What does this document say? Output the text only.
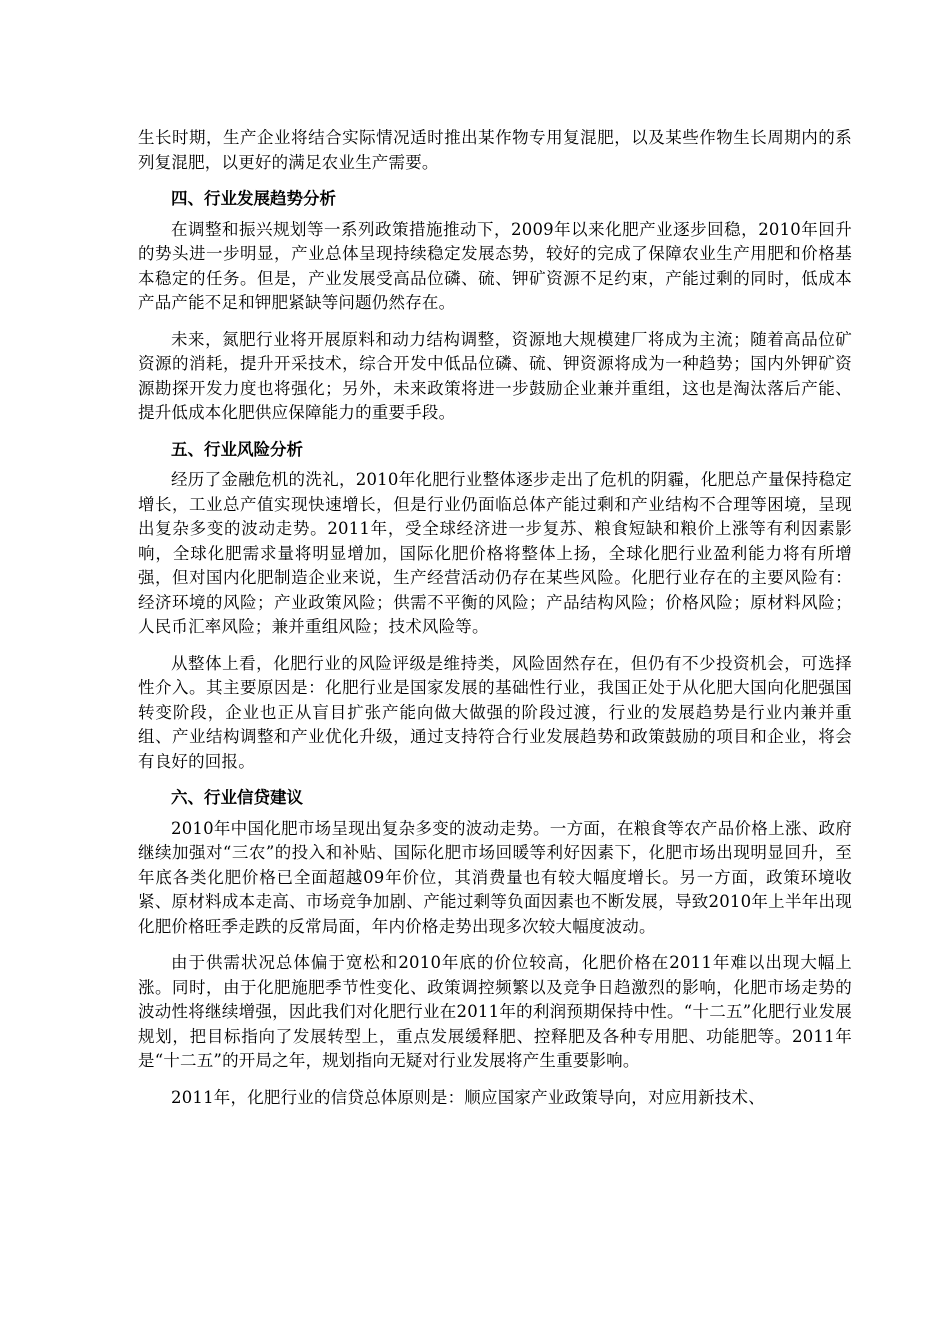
生长时期，生产企业将结合实际情况适时推出某作物专用复混肥，以及某些作物生长周期内的系列复混肥，以更好的满足农业生产需要。

四、行业发展趋势分析

在调整和振兴规划等一系列政策措施推动下，2009年以来化肥产业逐步回稳，2010年回升的势头进一步明显，产业总体呈现持续稳定发展态势，较好的完成了保障农业生产用肥和价格基本稳定的任务。但是，产业发展受高品位磷、硫、钾矿资源不足约束，产能过剩的同时，低成本产品产能不足和钾肥紧缺等问题仍然存在。

未来，氮肥行业将开展原料和动力结构调整，资源地大规模建厂将成为主流；随着高品位矿资源的消耗，提升开采技术，综合开发中低品位磷、硫、钾资源将成为一种趋势；国内外钾矿资源勘探开发力度也将强化；另外，未来政策将进一步鼓励企业兼并重组，这也是淘汰落后产能、提升低成本化肥供应保障能力的重要手段。

五、行业风险分析

经历了金融危机的洗礼，2010年化肥行业整体逐步走出了危机的阴霾，化肥总产量保持稳定增长，工业总产值实现快速增长，但是行业仍面临总体产能过剩和产业结构不合理等困境，呈现出复杂多变的波动走势。2011年，受全球经济进一步复苏、粮食短缺和粮价上涨等有利因素影响，全球化肥需求量将明显增加，国际化肥价格将整体上扬，全球化肥行业盈利能力将有所增强，但对国内化肥制造企业来说，生产经营活动仍存在某些风险。化肥行业存在的主要风险有：经济环境的风险；产业政策风险；供需不平衡的风险；产品结构风险；价格风险；原材料风险；人民币汇率风险；兼并重组风险；技术风险等。

从整体上看，化肥行业的风险评级是维持类，风险固然存在，但仍有不少投资机会，可选择性介入。其主要原因是：化肥行业是国家发展的基础性行业，我国正处于从化肥大国向化肥强国转变阶段，企业也正从盲目扩张产能向做大做强的阶段过渡，行业的发展趋势是行业内兼并重组、产业结构调整和产业优化升级，通过支持符合行业发展趋势和政策鼓励的项目和企业，将会有良好的回报。

六、行业信贷建议

2010年中国化肥市场呈现出复杂多变的波动走势。一方面，在粮食等农产品价格上涨、政府继续加强对“三农”的投入和补贴、国际化肥市场回暖等利好因素下，化肥市场出现明显回升，至年底各类化肥价格已全面超越09年价位，其消费量也有较大幅度增长。另一方面，政策环境收紧、原材料成本走高、市场竞争加剧、产能过剩等负面因素也不断发展，导致2010年上半年出现化肥价格旺季走跌的反常局面，年内价格走势出现多次较大幅度波动。

由于供需状况总体偏于宽松和2010年底的价位较高，化肥价格在2011年难以出现大幅上涨。同时，由于化肥施肥季节性变化、政策调控频繁以及竞争日趋激烈的影响，化肥市场走势的波动性将继续增强，因此我们对化肥行业在2011年的利润预期保持中性。“十二五”化肥行业发展规划，把目标指向了发展转型上，重点发展缓释肥、控释肥及各种专用肥、功能肥等。2011年是“十二五”的开局之年，规划指向无疑对行业发展将产生重要影响。

2011年，化肥行业的信贷总体原则是：顺应国家产业政策导向，对应用新技术、
